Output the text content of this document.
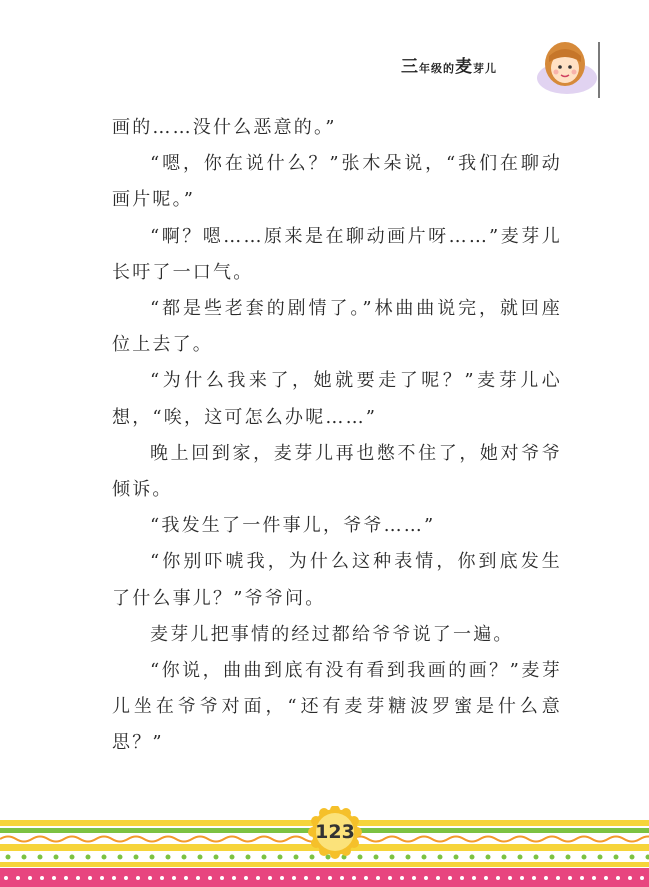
三年级的麦芽儿

画的……没什么恶意的。”

“嗯，你在说什么？”张木朵说，“我们在聊动画片呢。”

“啊？嗯……原来是在聊动画片呀……”麦芽儿长吁了一口气。

“都是些老套的剧情了。”林曲曲说完，就回座位上去了。

“为什么我来了，她就要走了呢？”麦芽儿心想，“唉，这可怎么办呢……”

晚上回到家，麦芽儿再也憋不住了，她对爷爷倾诉。

“我发生了一件事儿，爷爷……”

“你别吓唬我，为什么这种表情，你到底发生了什么事儿？”爷爷问。

麦芽儿把事情的经过都给爷爷说了一遍。

“你说，曲曲到底有没有看到我画的画？”麦芽儿坐在爷爷对面，“还有麦芽糖波罗蜜是什么意思？”

123
